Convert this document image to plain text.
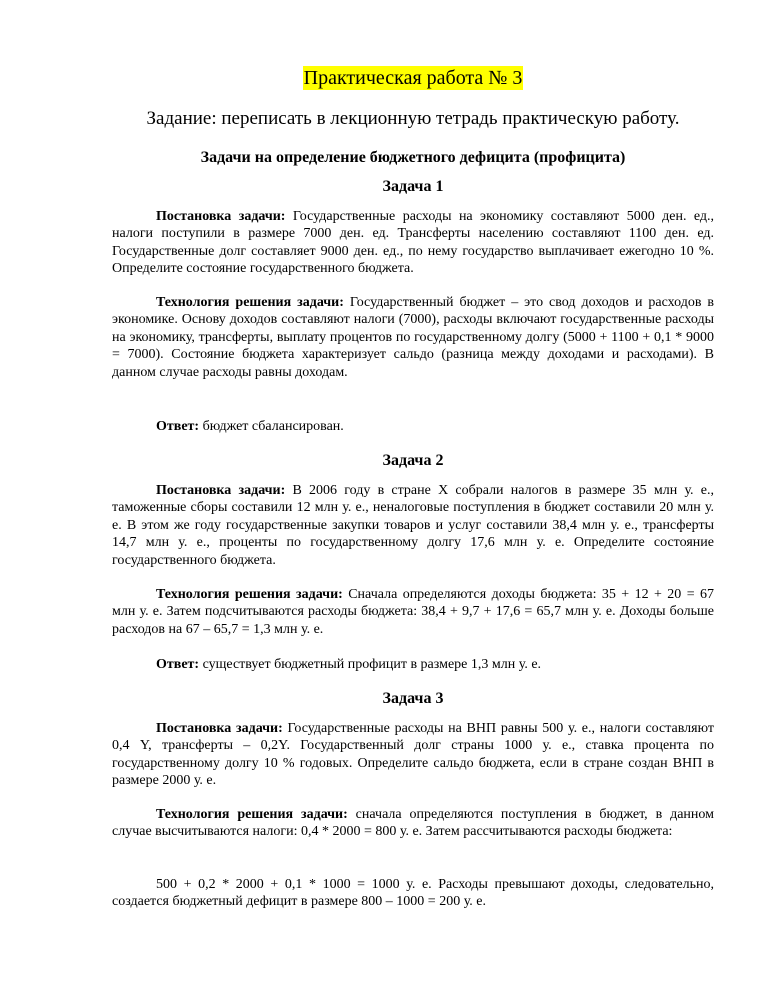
Практическая работа № 3
Задание: переписать в лекционную тетрадь практическую работу.
Задачи на определение бюджетного дефицита (профицита)
Задача 1

Постановка задачи: Государственные расходы на экономику составляют 5000 ден. ед., налоги поступили в размере 7000 ден. ед. Трансферты населению составляют 1100 ден. ед. Государственные долг составляет 9000 ден. ед., по нему государство выплачивает ежегодно 10 %. Определите состояние государственного бюджета.

Технология решения задачи: Государственный бюджет – это свод доходов и расходов в экономике. Основу доходов составляют налоги (7000), расходы включают государственные расходы на экономику, трансферты, выплату процентов по государственному долгу (5000 + 1100 + 0,1 * 9000 = 7000). Состояние бюджета характеризует сальдо (разница между доходами и расходами). В данном случае расходы равны доходам.

Ответ: бюджет сбалансирован.

Задача 2

Постановка задачи: В 2006 году в стране X собрали налогов в размере 35 млн у. е., таможенные сборы составили 12 млн у. е., неналоговые поступления в бюджет составили 20 млн у. е. В этом же году государственные закупки товаров и услуг составили 38,4 млн у. е., трансферты 14,7 млн у. е., проценты по государственному долгу 17,6 млн у. е. Определите состояние государственного бюджета.

Технология решения задачи: Сначала определяются доходы бюджета: 35 + 12 + 20 = 67 млн у. е. Затем подсчитываются расходы бюджета: 38,4 + 9,7 + 17,6 = 65,7 млн у. е. Доходы больше расходов на 67 – 65,7 = 1,3 млн у. е.

Ответ: существует бюджетный профицит в размере 1,3 млн у. е.

Задача 3

Постановка задачи: Государственные расходы на ВНП равны 500 у. е., налоги составляют 0,4 Y, трансферты – 0,2Y. Государственный долг страны 1000 у. е., ставка процента по государственному долгу 10 % годовых. Определите сальдо бюджета, если в стране создан ВНП в размере 2000 у. е.

Технология решения задачи: сначала определяются поступления в бюджет, в данном случае высчитываются налоги: 0,4 * 2000 = 800 у. е. Затем рассчитываются расходы бюджета:

500 + 0,2 * 2000 + 0,1 * 1000 = 1000 у. е. Расходы превышают доходы, следовательно, создается бюджетный дефицит в размере 800 – 1000 = 200 у. е.
